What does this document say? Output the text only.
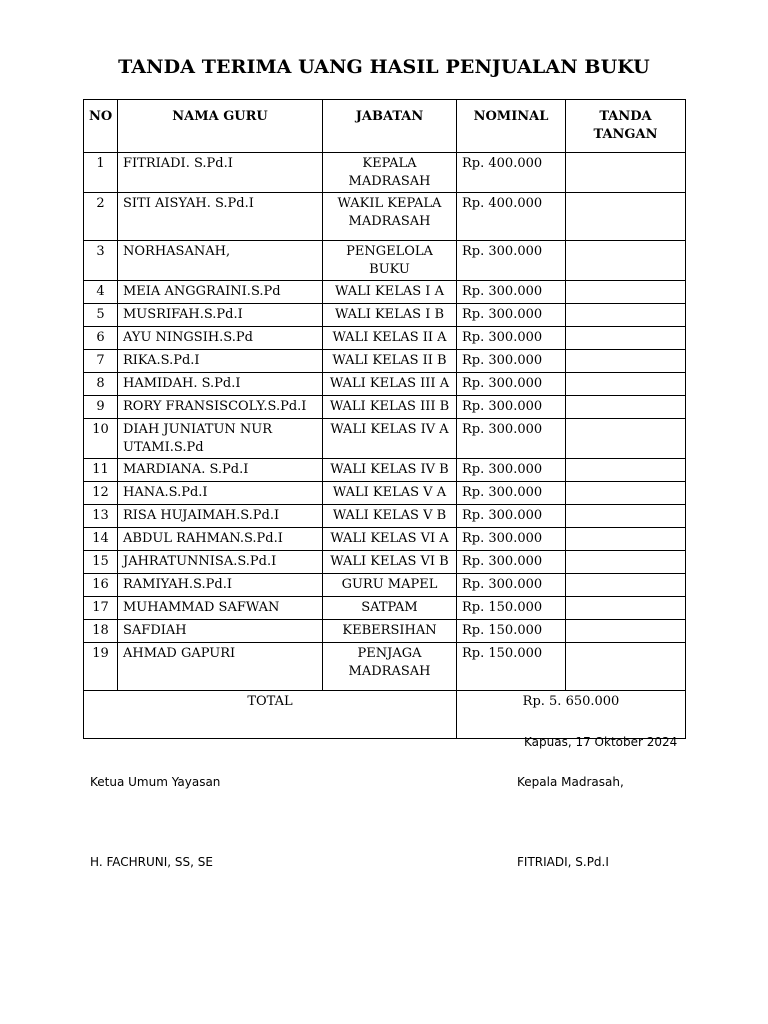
TANDA TERIMA UANG HASIL PENJUALAN BUKU
NO	NAMA GURU	JABATAN	NOMINAL	TANDA TANGAN
1	FITRIADI. S.Pd.I	KEPALA MADRASAH	Rp. 400.000	
2	SITI AISYAH. S.Pd.I	WAKIL KEPALA MADRASAH	Rp. 400.000	
3	NORHASANAH,	PENGELOLA BUKU	Rp. 300.000	
4	MEIA ANGGRAINI.S.Pd	WALI KELAS I A	Rp. 300.000	
5	MUSRIFAH.S.Pd.I	WALI KELAS I B	Rp. 300.000	
6	AYU NINGSIH.S.Pd	WALI KELAS II A	Rp. 300.000	
7	RIKA.S.Pd.I	WALI KELAS II B	Rp. 300.000	
8	HAMIDAH. S.Pd.I	WALI KELAS III A	Rp. 300.000	
9	RORY FRANSISCOLY.S.Pd.I	WALI KELAS III B	Rp. 300.000	
10	DIAH JUNIATUN NUR UTAMI.S.Pd	WALI KELAS IV A	Rp. 300.000	
11	MARDIANA. S.Pd.I	WALI KELAS IV B	Rp. 300.000	
12	HANA.S.Pd.I	WALI KELAS V A	Rp. 300.000	
13	RISA HUJAIMAH.S.Pd.I	WALI KELAS V B	Rp. 300.000	
14	ABDUL RAHMAN.S.Pd.I	WALI KELAS VI A	Rp. 300.000	
15	JAHRATUNNISA.S.Pd.I	WALI KELAS VI B	Rp. 300.000	
16	RAMIYAH.S.Pd.I	GURU MAPEL	Rp. 300.000	
17	MUHAMMAD SAFWAN	SATPAM	Rp. 150.000	
18	SAFDIAH	KEBERSIHAN	Rp. 150.000	
19	AHMAD GAPURI	PENJAGA MADRASAH	Rp. 150.000	
TOTAL			Rp. 5. 650.000	
Kapuas, 17 Oktober 2024
Ketua Umum Yayasan	Kepala Madrasah,
H. FACHRUNI, SS, SE	FITRIADI, S.Pd.I
